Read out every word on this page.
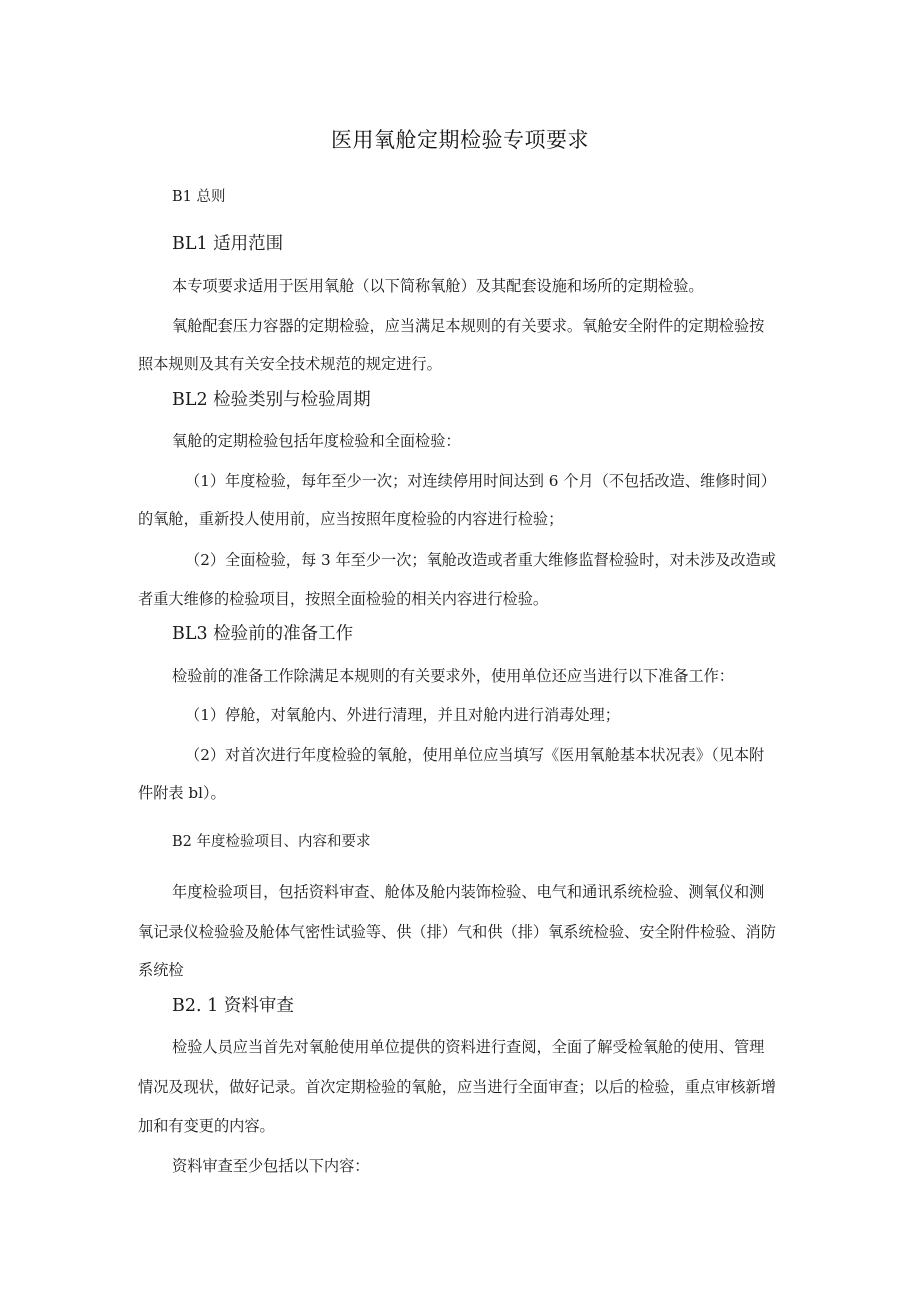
医用氧舱定期检验专项要求
B1 总则
BL1 适用范围
本专项要求适用于医用氧舱（以下简称氧舱）及其配套设施和场所的定期检验。
氧舱配套压力容器的定期检验，应当满足本规则的有关要求。氧舱安全附件的定期检验按
照本规则及其有关安全技术规范的规定进行。
BL2 检验类别与检验周期
氧舱的定期检验包括年度检验和全面检验：
（1）年度检验，每年至少一次；对连续停用时间达到 6 个月（不包括改造、维修时间）
的氧舱，重新投人使用前，应当按照年度检验的内容进行检验；
（2）全面检验，每 3 年至少一次；氧舱改造或者重大维修监督检验时，对未涉及改造或
者重大维修的检验项目，按照全面检验的相关内容进行检验。
BL3 检验前的准备工作
检验前的准备工作除满足本规则的有关要求外，使用单位还应当进行以下准备工作：
（1）停舱，对氧舱内、外进行清理，并且对舱内进行消毒处理；
（2）对首次进行年度检验的氧舱，使用单位应当填写《医用氧舱基本状况表》（见本附
件附表 bl）。
B2 年度检验项目、内容和要求
年度检验项目，包括资料审查、舱体及舱内装饰检验、电气和通讯系统检验、测氧仪和测
氧记录仪检验验及舱体气密性试验等、供（排）气和供（排）氧系统检验、安全附件检验、消防
系统检
B2. 1 资料审查
检验人员应当首先对氧舱使用单位提供的资料进行查阅，全面了解受检氧舱的使用、管理
情况及现状，做好记录。首次定期检验的氧舱，应当进行全面审查；以后的检验，重点审核新增
加和有变更的内容。
资料审查至少包括以下内容：
